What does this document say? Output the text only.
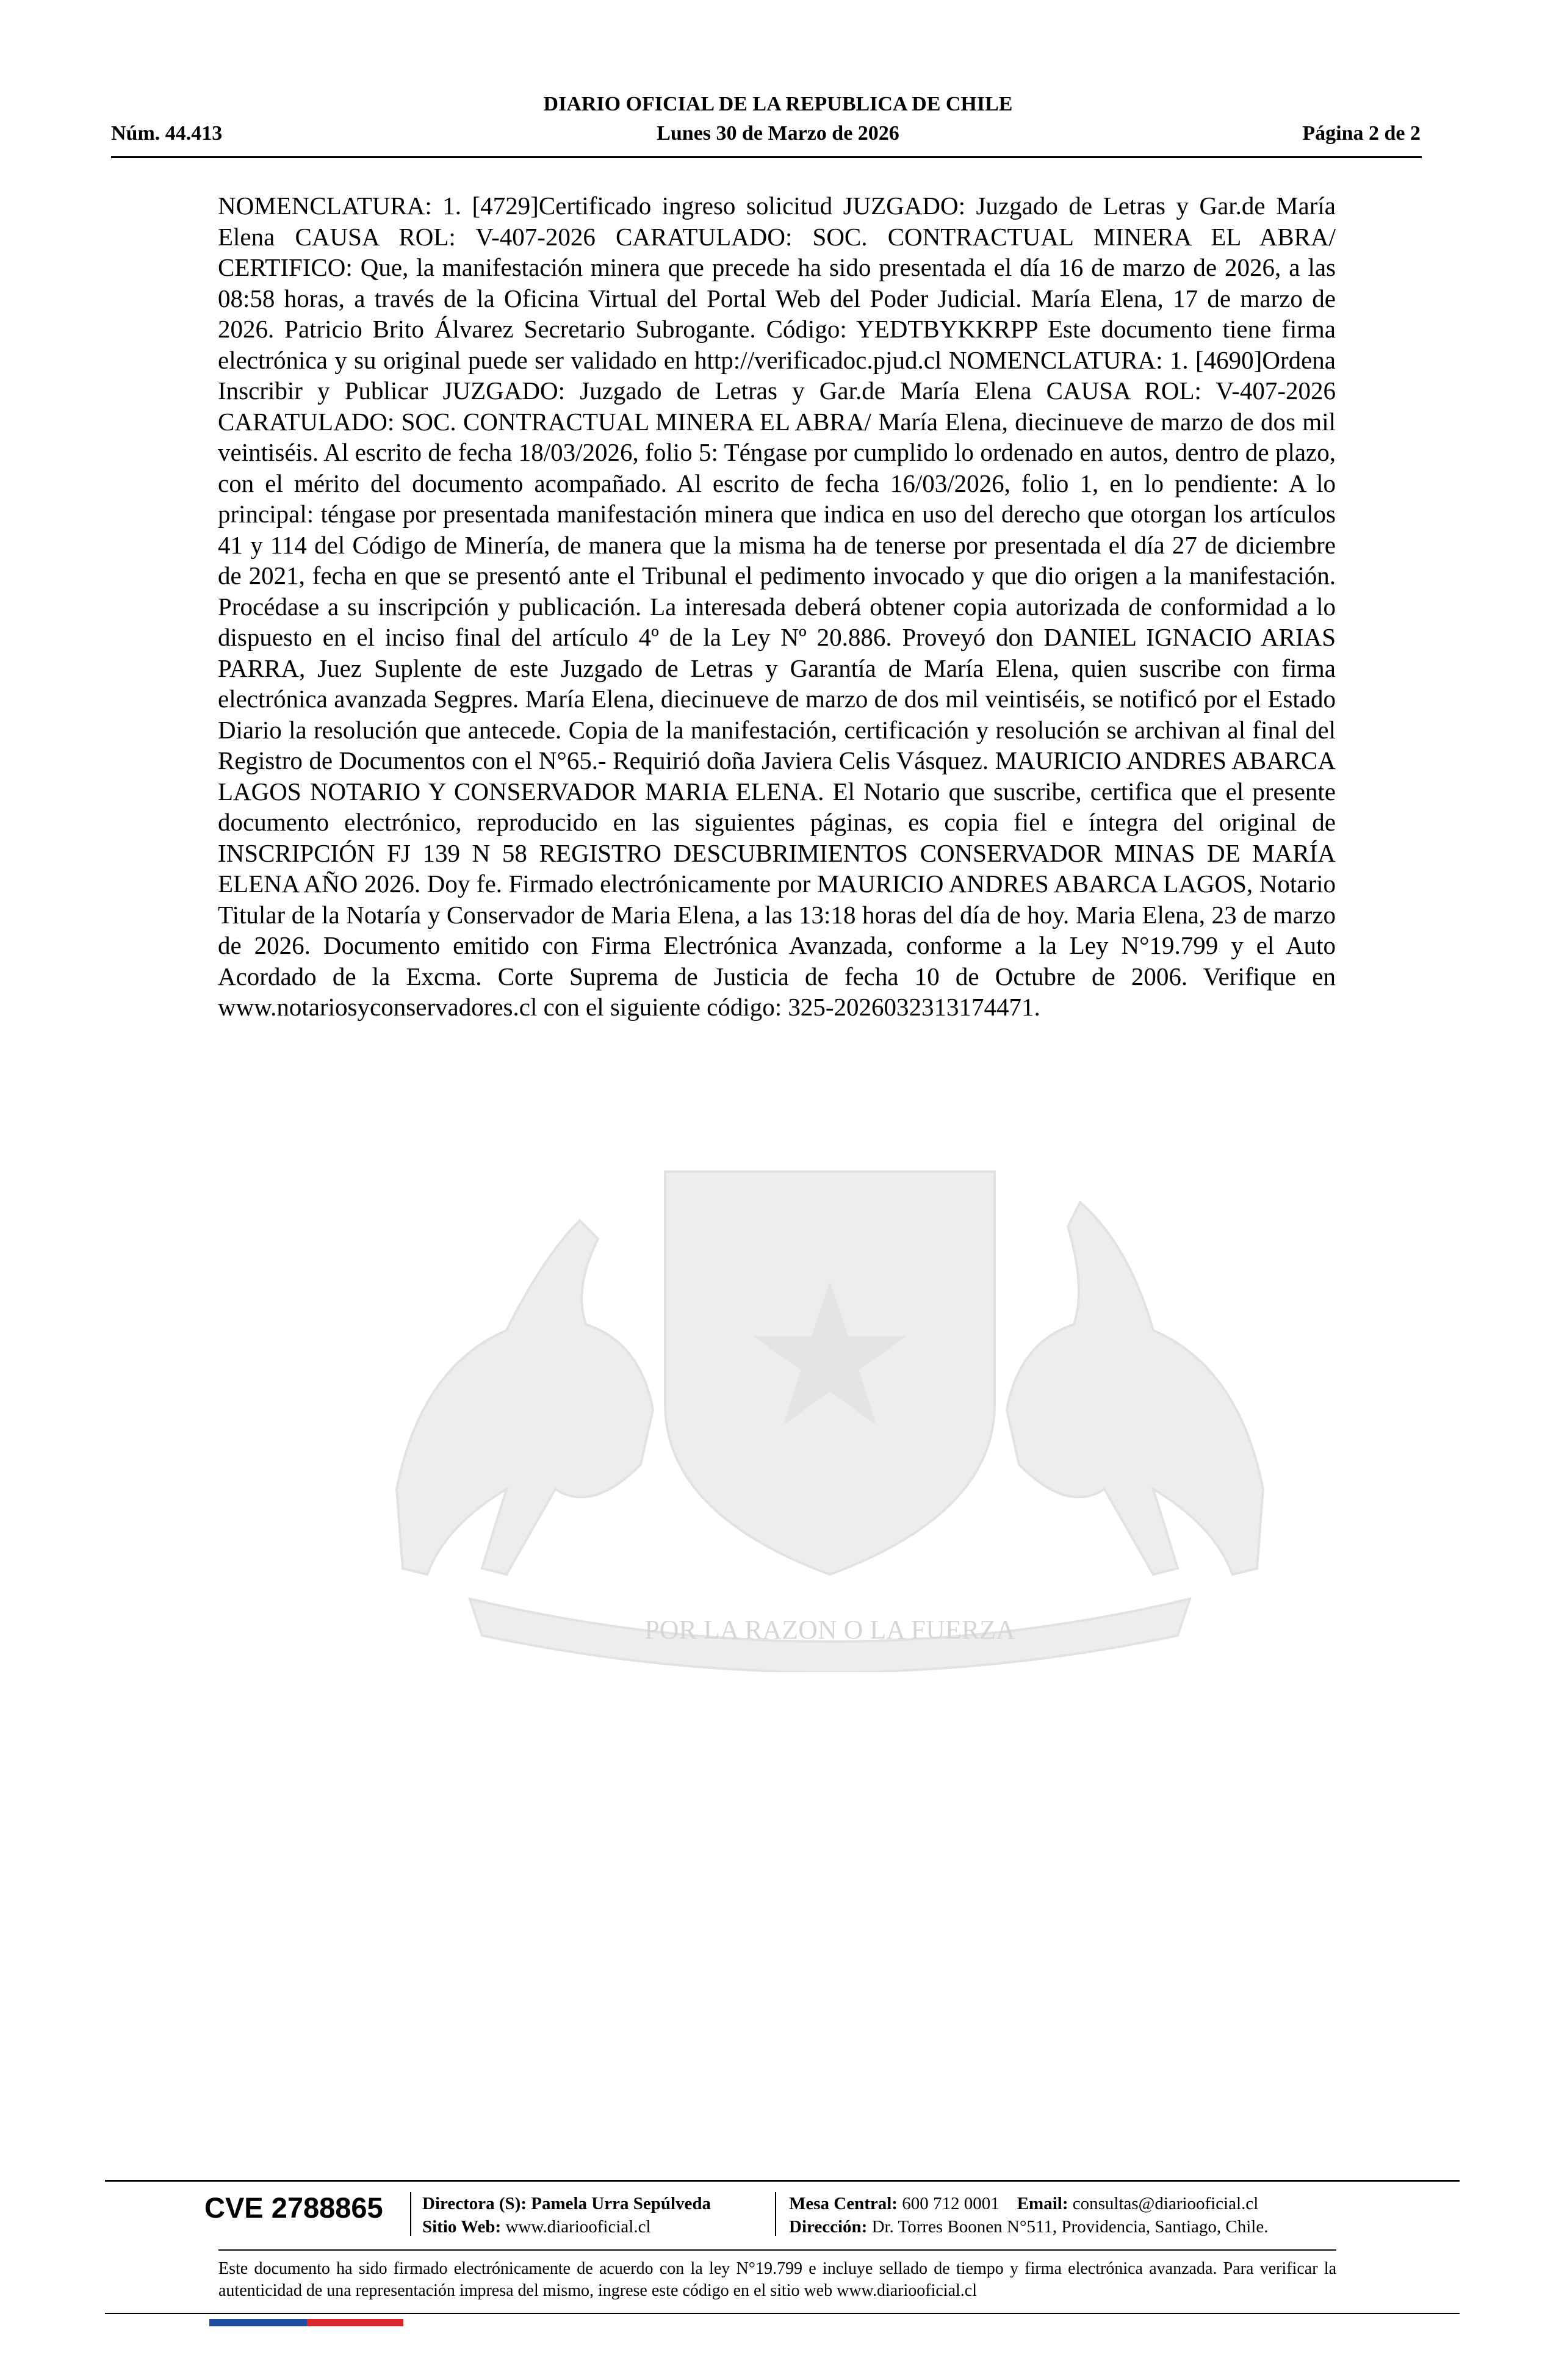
DIARIO OFICIAL DE LA REPUBLICA DE CHILE
Núm. 44.413	Lunes 30 de Marzo de 2026	Página 2 de 2
POR LA RAZON O LA FUERZA

NOMENCLATURA: 1. [4729]Certificado ingreso solicitud JUZGADO: Juzgado de Letras y Gar.de María Elena CAUSA ROL: V-407-2026 CARATULADO: SOC. CONTRACTUAL MINERA EL ABRA/ CERTIFICO: Que, la manifestación minera que precede ha sido presentada el día 16 de marzo de 2026, a las 08:58 horas, a través de la Oficina Virtual del Portal Web del Poder Judicial. María Elena, 17 de marzo de 2026. Patricio Brito Álvarez Secretario Subrogante. Código: YEDTBYKKRPP Este documento tiene firma electrónica y su original puede ser validado en http://verificadoc.pjud.cl NOMENCLATURA: 1. [4690]Ordena Inscribir y Publicar JUZGADO: Juzgado de Letras y Gar.de María Elena CAUSA ROL: V-407-2026 CARATULADO: SOC. CONTRACTUAL MINERA EL ABRA/ María Elena, diecinueve de marzo de dos mil veintiséis. Al escrito de fecha 18/03/2026, folio 5: Téngase por cumplido lo ordenado en autos, dentro de plazo, con el mérito del documento acompañado. Al escrito de fecha 16/03/2026, folio 1, en lo pendiente: A lo principal: téngase por presentada manifestación minera que indica en uso del derecho que otorgan los artículos 41 y 114 del Código de Minería, de manera que la misma ha de tenerse por presentada el día 27 de diciembre de 2021, fecha en que se presentó ante el Tribunal el pedimento invocado y que dio origen a la manifestación. Procédase a su inscripción y publicación. La interesada deberá obtener copia autorizada de conformidad a lo dispuesto en el inciso final del artículo 4º de la Ley Nº 20.886. Proveyó don DANIEL IGNACIO ARIAS PARRA, Juez Suplente de este Juzgado de Letras y Garantía de María Elena, quien suscribe con firma electrónica avanzada Segpres. María Elena, diecinueve de marzo de dos mil veintiséis, se notificó por el Estado Diario la resolución que antecede. Copia de la manifestación, certificación y resolución se archivan al final del Registro de Documentos con el N°65.- Requirió doña Javiera Celis Vásquez. MAURICIO ANDRES ABARCA LAGOS NOTARIO Y CONSERVADOR MARIA ELENA. El Notario que suscribe, certifica que el presente documento electrónico, reproducido en las siguientes páginas, es copia fiel e íntegra del original de INSCRIPCIÓN FJ 139 N 58 REGISTRO DESCUBRIMIENTOS CONSERVADOR MINAS DE MARÍA ELENA AÑO 2026. Doy fe. Firmado electrónicamente por MAURICIO ANDRES ABARCA LAGOS, Notario Titular de la Notaría y Conservador de Maria Elena, a las 13:18 horas del día de hoy. Maria Elena, 23 de marzo de 2026. Documento emitido con Firma Electrónica Avanzada, conforme a la Ley N°19.799 y el Auto Acordado de la Excma. Corte Suprema de Justicia de fecha 10 de Octubre de 2006. Verifique en www.notariosyconservadores.cl con el siguiente código: 325-2026032313174471.

CVE 2788865 Directora (S): Pamela Urra Sepúlveda
Sitio Web: www.diariooficial.cl
Mesa Central: 600 712 0001 Email: consultas@diariooficial.cl
Dirección: Dr. Torres Boonen N°511, Providencia, Santiago, Chile.
Este documento ha sido firmado electrónicamente de acuerdo con la ley N°19.799 e incluye sellado de tiempo y firma electrónica avanzada. Para verificar la autenticidad de una representación impresa del mismo, ingrese este código en el sitio web www.diariooficial.cl
